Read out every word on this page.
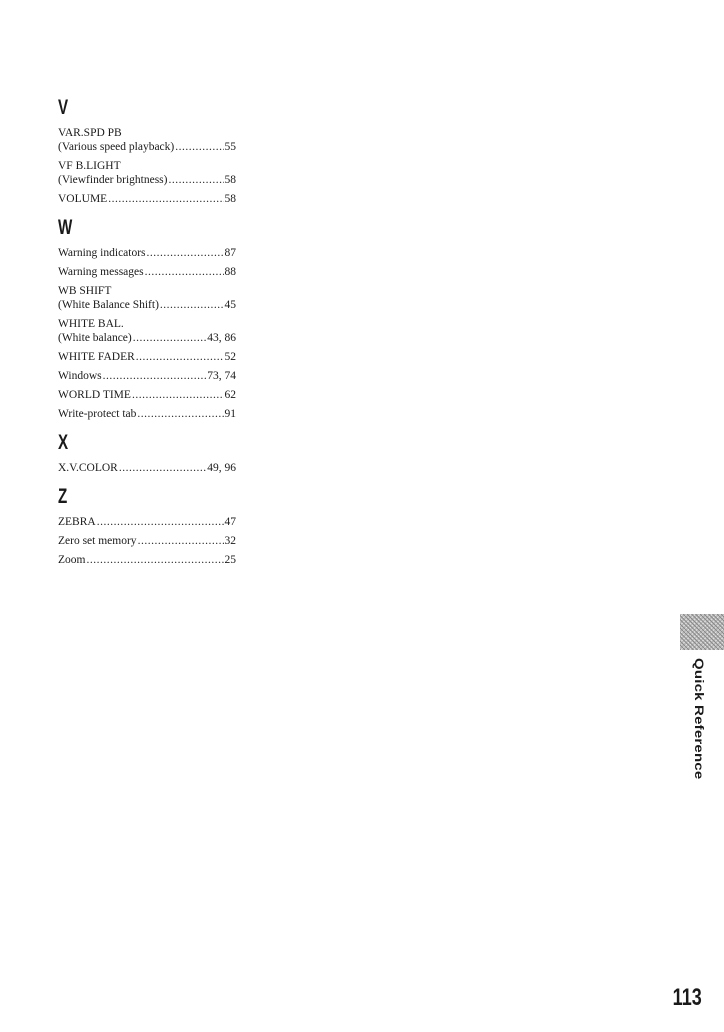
V
VAR.SPD PB
(Various speed playback) .....	55
VF B.LIGHT
(Viewfinder brightness) .....	58
VOLUME .....	58
W
Warning indicators .....	87
Warning messages .....	88
WB SHIFT
(White Balance Shift) .....	45
WHITE BAL.
(White balance) .....	43, 86
WHITE FADER .....	52
Windows .....	73, 74
WORLD TIME .....	62
Write-protect tab .....	91
X
X.V.COLOR .....	49, 96
Z
ZEBRA .....	47
Zero set memory .....	32
Zoom .....	25
Quick Reference
113
